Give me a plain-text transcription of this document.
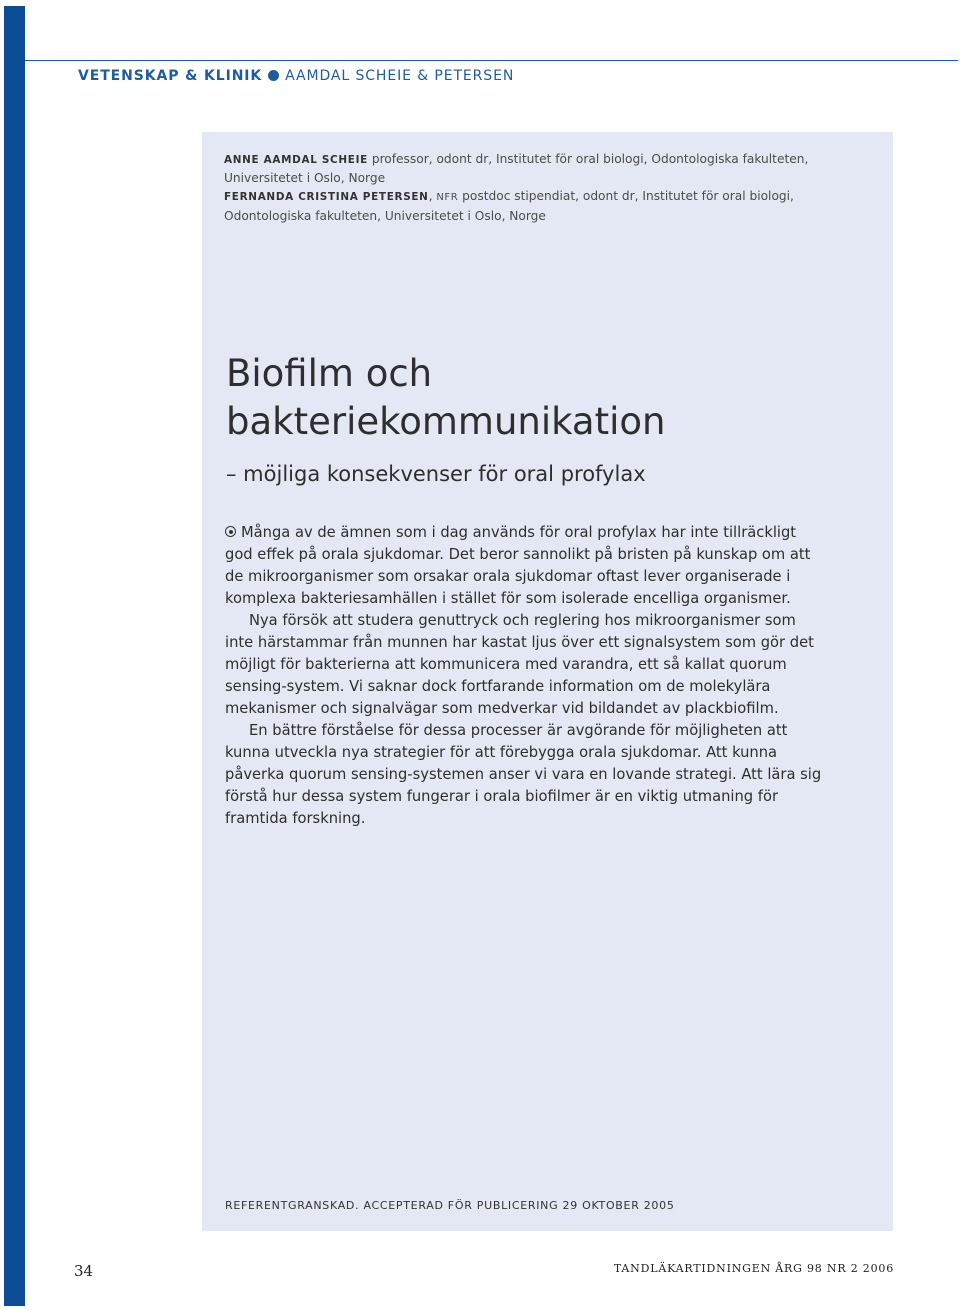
VETENSKAP & KLINIK AAMDAL SCHEIE & PETERSEN

ANNE AAMDAL SCHEIE professor, odont dr, Institutet för oral biologi, Odontologiska fakulteten, Universitetet i Oslo, Norge

FERNANDA CRISTINA PETERSEN, NFR postdoc stipendiat, odont dr, Institutet för oral biologi, Odontologiska fakulteten, Universitetet i Oslo, Norge

Biofilm och
bakteriekommunikation
– möjliga konsekvenser för oral profylax

Många av de ämnen som i dag används för oral profylax har inte tillräckligt god effek på orala sjukdomar. Det beror sannolikt på bristen på kunskap om att de mikroorganismer som orsakar orala sjukdomar oftast lever organiserade i komplexa bakteriesamhällen i stället för som isolerade encelliga organismer.

Nya försök att studera genuttryck och reglering hos mikroorganismer som inte härstammar från munnen har kastat ljus över ett signalsystem som gör det möjligt för bakterierna att kommunicera med varandra, ett så kallat quorum sensing-system. Vi saknar dock fortfarande information om de molekylära mekanismer och signalvägar som medverkar vid bildandet av plackbiofilm.

En bättre förståelse för dessa processer är avgörande för möjligheten att kunna utveckla nya strategier för att förebygga orala sjukdomar. Att kunna påverka quorum sensing-systemen anser vi vara en lovande strategi. Att lära sig förstå hur dessa system fungerar i orala biofilmer är en viktig utmaning för framtida forskning.

REFERENTGRANSKAD. ACCEPTERAD FÖR PUBLICERING 29 OKTOBER 2005
34	TANDLÄKARTIDNINGEN ÅRG 98 NR 2 2006
